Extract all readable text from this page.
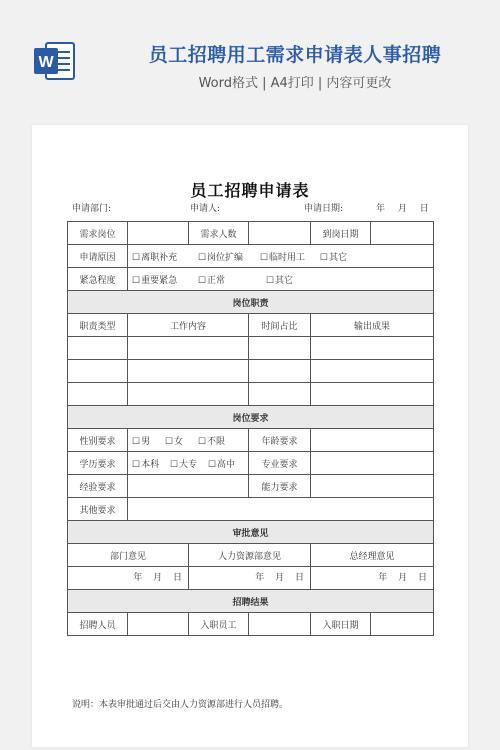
W	员工招聘用工需求申请表人事招聘
Word格式 | A4打印 | 内容可更改
员工招聘申请表
申请部门:	申请人:	申请日期:	年 月 日
需求岗位		需求人数		到岗日期	
申请原因	☐ 离职补充 ☐ 岗位扩编 ☐ 临时用工 ☐ 其它
紧急程度	☐ 重要紧急 ☐ 正常 ☐ 其它
岗位职责					
职责类型	工作内容		时间占比	输出成果	

岗位要求					
性别要求	☐ 男 ☐ 女 ☐ 不限		年龄要求		
学历要求	☐ 本科 ☐ 大专 ☐ 高中		专业要求		
经验要求			能力要求		
其他要求					
审批意见					
部门意见		人力资源部意见		总经理意见	

年 月 日		年 月 日		年 月 日	

招聘结果					
招聘人员		入职员工		入职日期	
说明：本表审批通过后交由人力资源部进行人员招聘。
